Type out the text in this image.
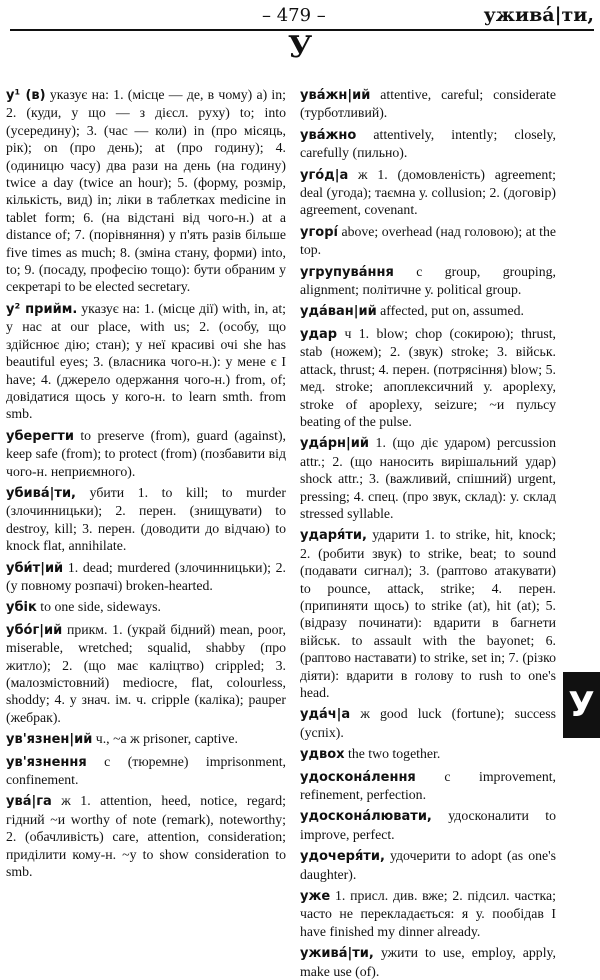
– 479 –	уживá|ти,
У
у¹ (в) указує на: 1. (місце — де, в чому) a) in; 2. (куди, у що — з дієсл. руху) to; into (усередину); 3. (час — коли) in (про місяць, рік); on (про день); at (про годину); 4. (одиницю часу) два рази на день (на годину) twice a day (twice an hour); 5. (форму, розмір, кількість, вид) in; ліки в таблетках medicine in tablet form; 6. (на відстані від чого-н.) at a distance of; 7. (порівняння) у п'ять разів більше five times as much; 8. (зміна стану, форми) into, to; 9. (посаду, професію тощо): бути обраним у секретарі to be elected secretary.
у² прийм. указує на: 1. (місце дії) with, in, at; у нас at our place, with us; 2. (особу, що здійснює дію; стан); у неї красиві очі she has beautiful eyes; 3. (власника чого-н.): у мене є I have; 4. (джерело одержання чого-н.) from, of; довідатися щось у кого-н. to learn smth. from smb.
уберегти to preserve (from), guard (against), keep safe (from); to protect (from) (позбавити від чого-н. неприємного).
убивá|ти, убити 1. to kill; to murder (злочинницьки); 2. перен. (знищувати) to destroy, kill; 3. перен. (доводити до відчаю) to knock flat, annihilate.
уби́т|ий 1. dead; murdered (злочинницьки); 2. (у повному розпачі) broken-hearted.
убік to one side, sideways.
убо́г|ий прикм. 1. (украй бідний) mean, poor, miserable, wretched; squalid, shabby (про житло); 2. (що має каліцтво) crippled; 3. (малозмістовний) mediocre, flat, colourless, shoddy; 4. у знач. ім. ч. cripple (каліка); pauper (жебрак).
ув'язнен|ий ч., ~а ж prisoner, captive.
ув'язнення с (тюремне) imprisonment, confinement.
увá|га ж 1. attention, heed, notice, regard; гідний ~и worthy of note (remark), noteworthy; 2. (обачливість) care, attention, consideration; приділити кому-н. ~у to show consideration to smb.
увáжн|ий attentive, careful; considerate (турботливий).
увáжно attentively, intently; closely, carefully (пильно).
уго́д|а ж 1. (домовленість) agreement; deal (угода); таємна у. collusion; 2. (договір) agreement, covenant.
угорі́ above; overhead (над головою); at the top.
угрупувáння с group, grouping, alignment; політичне у. political group.
удáван|ий affected, put on, assumed.
удар ч 1. blow; chop (сокирою); thrust, stab (ножем); 2. (звук) stroke; 3. військ. attack, thrust; 4. перен. (потрясіння) blow; 5. мед. stroke; апоплексичний у. apoplexy, stroke of apoplexy, seizure; ~и пульсу beating of the pulse.
удáрн|ий 1. (що діє ударом) percussion attr.; 2. (що наносить вирішальний удар) shock attr.; 3. (важливий, спішний) urgent, pressing; 4. спец. (про звук, склад): у. склад stressed syllable.
ударя́ти, ударити 1. to strike, hit, knock; 2. (робити звук) to strike, beat; to sound (подавати сигнал); 3. (раптово атакувати) to pounce, attack, strike; 4. перен. (припиняти щось) to strike (at), hit (at); 5. (відразу починати): вдарити в багнети військ. to assault with the bayonet; 6. (раптово наставати) to strike, set in; 7. (різко діяти): вдарити в голову to rush to one's head.
удáч|а ж good luck (fortune); success (успіх).
удвох the two together.
удосконáлення с improvement, refinement, perfection.
удосконáлювати, удосконалити to improve, perfect.
удочеря́ти, удочерити to adopt (as one's daughter).
уже 1. присл. див. вже; 2. підсил. частка; часто не перекладається: я у. пообідав I have finished my dinner already.
уживá|ти, ужити to use, employ, apply, make use (of).
У
